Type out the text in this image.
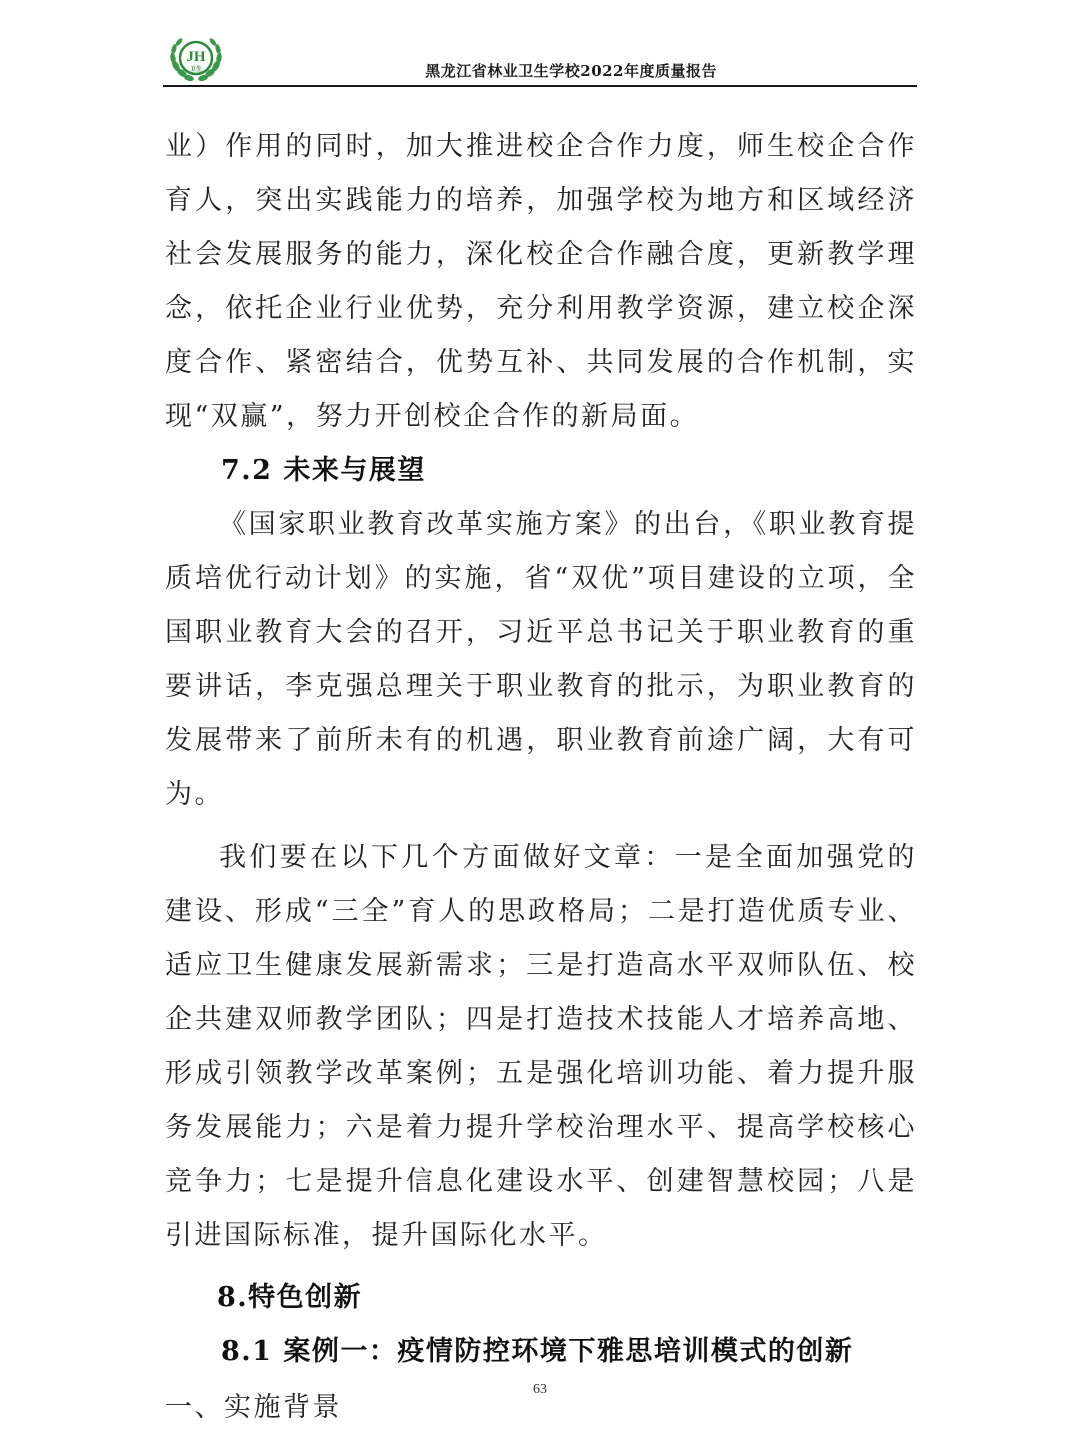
JH
卫生	黑龙江省林业卫生学校2022年度质量报告

业）作用的同时，加大推进校企合作力度，师生校企合作育人，突出实践能力的培养，加强学校为地方和区域经济社会发展服务的能力，深化校企合作融合度，更新教学理念，依托企业行业优势，充分利用教学资源，建立校企深度合作、紧密结合，优势互补、共同发展的合作机制，实现“双赢”，努力开创校企合作的新局面。

7.2 未来与展望

《国家职业教育改革实施方案》的出台，《职业教育提质培优行动计划》的实施，省“双优”项目建设的立项，全国职业教育大会的召开，习近平总书记关于职业教育的重要讲话，李克强总理关于职业教育的批示，为职业教育的发展带来了前所未有的机遇，职业教育前途广阔，大有可为。

我们要在以下几个方面做好文章：一是全面加强党的建设、形成“三全”育人的思政格局；二是打造优质专业、适应卫生健康发展新需求；三是打造高水平双师队伍、校企共建双师教学团队；四是打造技术技能人才培养高地、形成引领教学改革案例；五是强化培训功能、着力提升服务发展能力；六是着力提升学校治理水平、提高学校核心竞争力；七是提升信息化建设水平、创建智慧校园；八是引进国际标准，提升国际化水平。

8.特色创新
8.1 案例一：疫情防控环境下雅思培训模式的创新

一、实施背景

63
